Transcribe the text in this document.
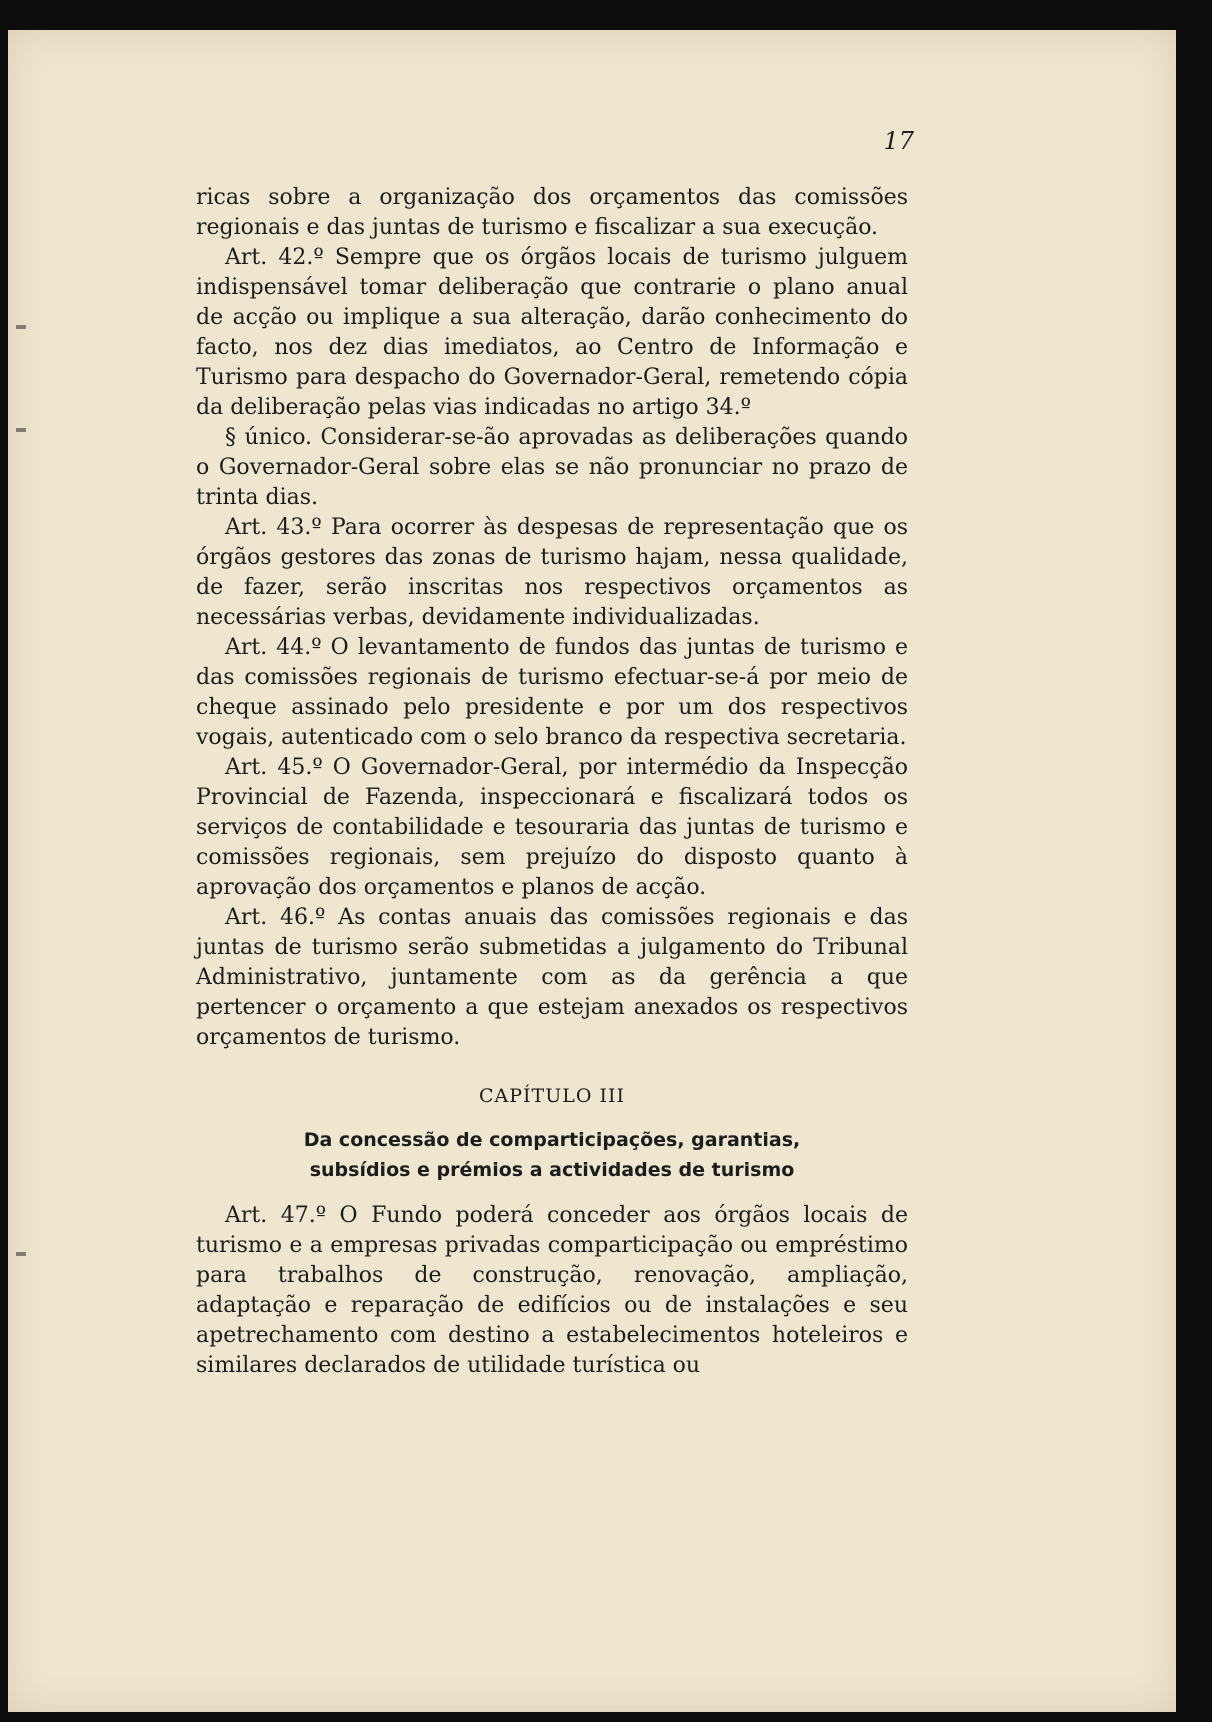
17

ricas sobre a organização dos orçamentos das comissões regionais e das juntas de turismo e fiscalizar a sua execução.

Art. 42.º Sempre que os órgãos locais de turismo julguem indispensável tomar deliberação que contrarie o plano anual de acção ou implique a sua alteração, darão conhecimento do facto, nos dez dias imediatos, ao Centro de Informação e Turismo para despacho do Governador-Geral, remetendo cópia da deliberação pelas vias indicadas no artigo 34.º

§ único. Considerar-se-ão aprovadas as deliberações quando o Governador-Geral sobre elas se não pronunciar no prazo de trinta dias.

Art. 43.º Para ocorrer às despesas de representação que os órgãos gestores das zonas de turismo hajam, nessa qualidade, de fazer, serão inscritas nos respectivos orçamentos as necessárias verbas, devidamente individualizadas.

Art. 44.º O levantamento de fundos das juntas de turismo e das comissões regionais de turismo efectuar-se-á por meio de cheque assinado pelo presidente e por um dos respectivos vogais, autenticado com o selo branco da respectiva secretaria.

Art. 45.º O Governador-Geral, por intermédio da Inspecção Provincial de Fazenda, inspeccionará e fiscalizará todos os serviços de contabilidade e tesouraria das juntas de turismo e comissões regionais, sem prejuízo do disposto quanto à aprovação dos orçamentos e planos de acção.

Art. 46.º As contas anuais das comissões regionais e das juntas de turismo serão submetidas a julgamento do Tribunal Administrativo, juntamente com as da gerência a que pertencer o orçamento a que estejam anexados os respectivos orçamentos de turismo.

CAPÍTULO III
Da concessão de comparticipações, garantias,
subsídios e prémios a actividades de turismo

Art. 47.º O Fundo poderá conceder aos órgãos locais de turismo e a empresas privadas comparticipação ou empréstimo para trabalhos de construção, renovação, ampliação, adaptação e reparação de edifícios ou de instalações e seu apetrechamento com destino a estabelecimentos hoteleiros e similares declarados de utilidade turística ou
